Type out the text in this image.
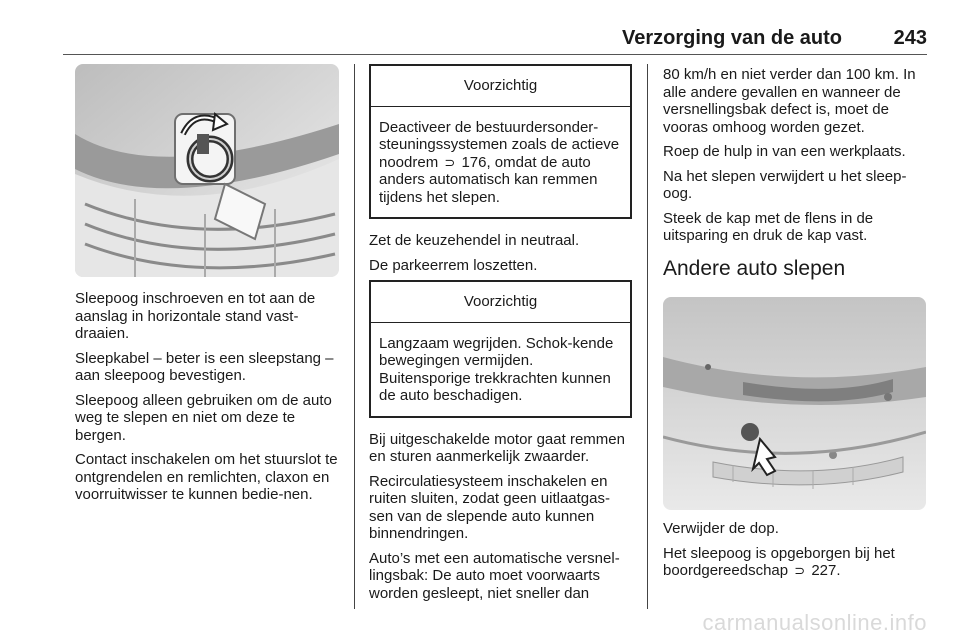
Verzorging van de auto	243

Sleepoog inschroeven en tot aan de aanslag in horizontale stand vast-draaien.

Sleepkabel – beter is een sleepstang – aan sleepoog bevestigen.

Sleepoog alleen gebruiken om de auto weg te slepen en niet om deze te bergen.

Contact inschakelen om het stuurslot te ontgrendelen en remlichten, claxon en voorruitwisser te kunnen bedie-nen.

Voorzichtig
Deactiveer de bestuurdersonder-steuningssystemen zoals de actieve noodrem ⊃ 176, omdat de auto anders automatisch kan remmen tijdens het slepen.

Zet de keuzehendel in neutraal.

De parkeerrem loszetten.

Voorzichtig
Langzaam wegrijden. Schok-kende bewegingen vermijden. Buitensporige trekkrachten kunnen de auto beschadigen.

Bij uitgeschakelde motor gaat remmen en sturen aanmerkelijk zwaarder.

Recirculatiesysteem inschakelen en ruiten sluiten, zodat geen uitlaatgas-sen van de slepende auto kunnen binnendringen.

Auto’s met een automatische versnel-lingsbak: De auto moet voorwaarts worden gesleept, niet sneller dan

80 km/h en niet verder dan 100 km. In alle andere gevallen en wanneer de versnellingsbak defect is, moet de vooras omhoog worden gezet.

Roep de hulp in van een werkplaats.

Na het slepen verwijdert u het sleep-oog.

Steek de kap met de flens in de uitsparing en druk de kap vast.

Andere auto slepen

Verwijder de dop.

Het sleepoog is opgeborgen bij het boordgereedschap ⊃ 227.

carmanualsonline.info
